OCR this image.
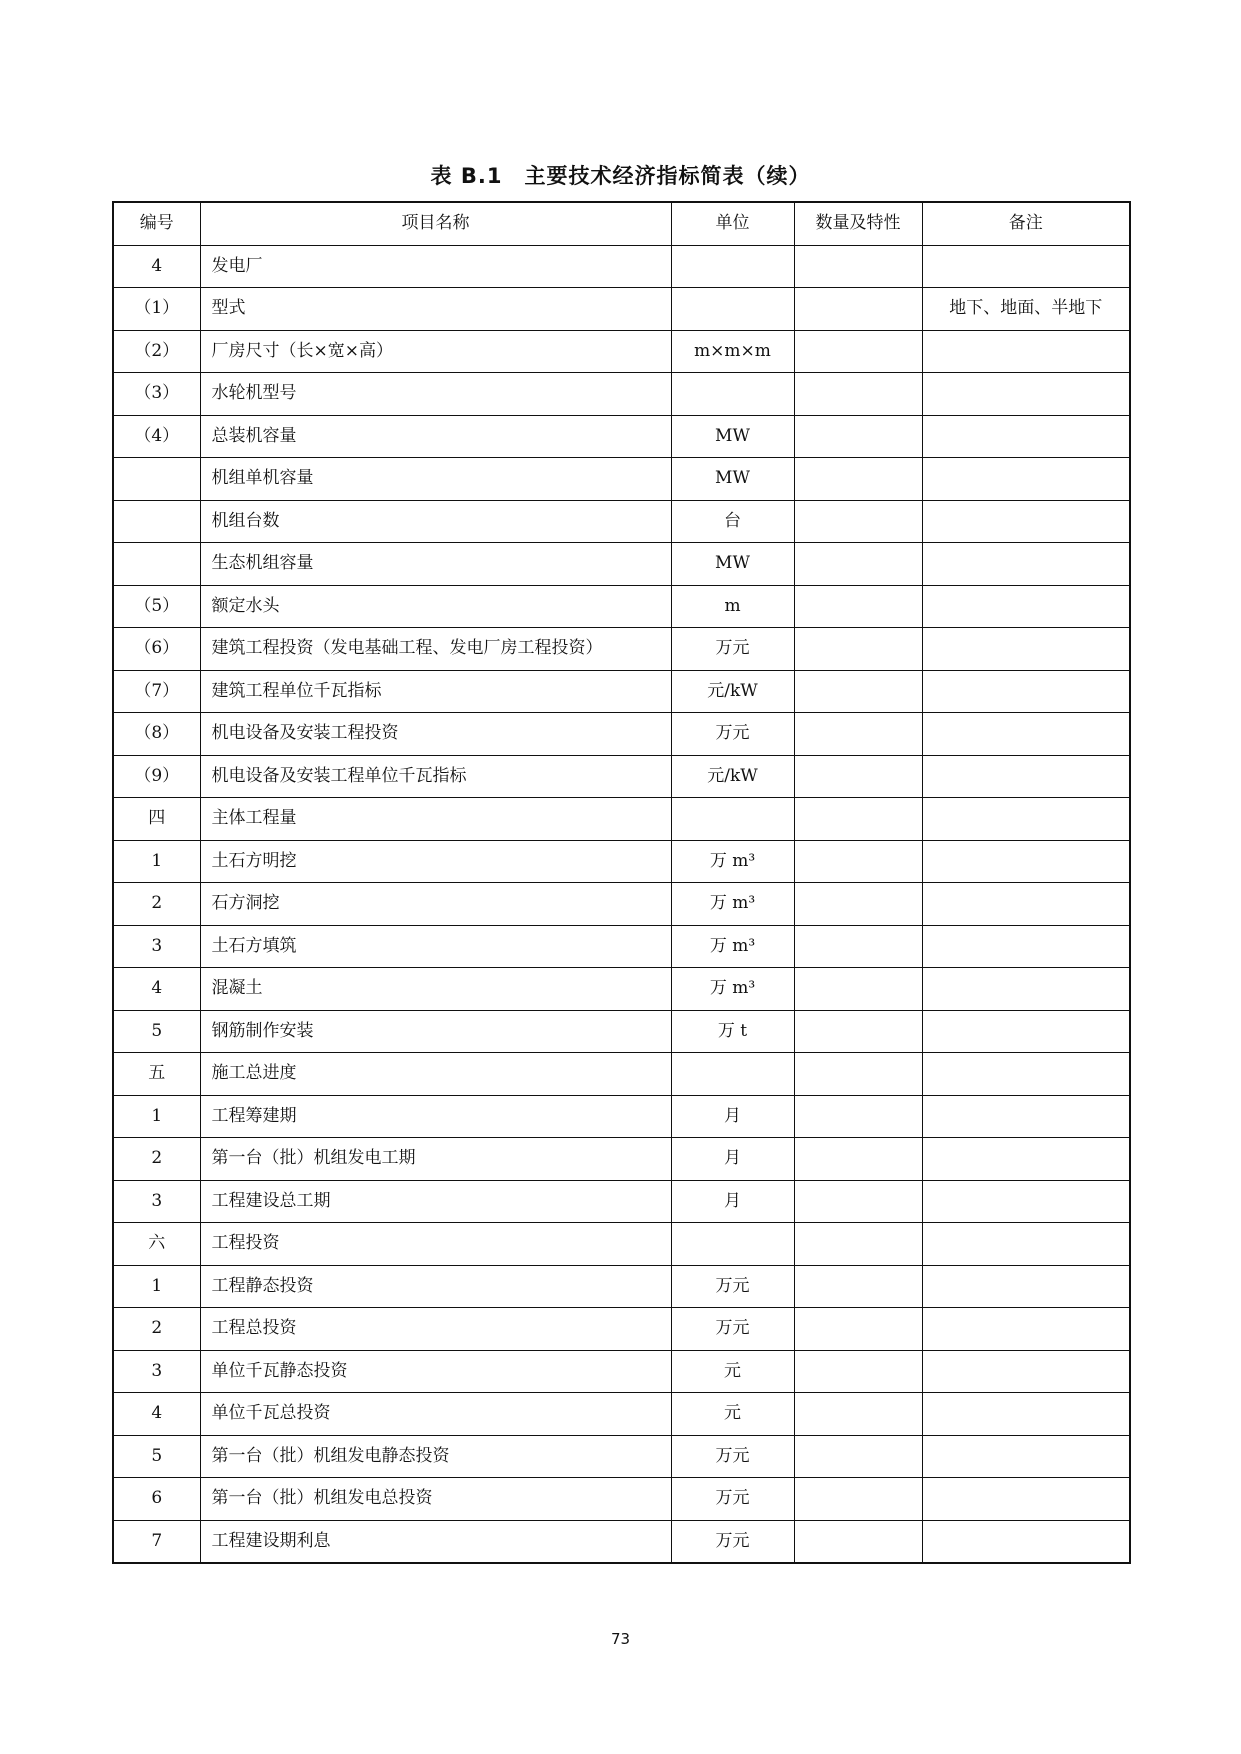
表 B.1　主要技术经济指标简表（续）
编号	项目名称	单位	数量及特性	备注
4	发电厂			
（1）	型式			地下、地面、半地下
（2）	厂房尺寸（长×宽×高）	m×m×m		
（3）	水轮机型号			
（4）	总装机容量	MW		
	机组单机容量	MW		
	机组台数	台		
	生态机组容量	MW		
（5）	额定水头	m		
（6）	建筑工程投资（发电基础工程、发电厂房工程投资）	万元		
（7）	建筑工程单位千瓦指标	元/kW		
（8）	机电设备及安装工程投资	万元		
（9）	机电设备及安装工程单位千瓦指标	元/kW		
四	主体工程量			
1	土石方明挖	万 m³		
2	石方洞挖	万 m³		
3	土石方填筑	万 m³		
4	混凝土	万 m³		
5	钢筋制作安装	万 t		
五	施工总进度			
1	工程筹建期	月		
2	第一台（批）机组发电工期	月		
3	工程建设总工期	月		
六	工程投资			
1	工程静态投资	万元		
2	工程总投资	万元		
3	单位千瓦静态投资	元		
4	单位千瓦总投资	元		
5	第一台（批）机组发电静态投资	万元		
6	第一台（批）机组发电总投资	万元		
7	工程建设期利息	万元		
73
